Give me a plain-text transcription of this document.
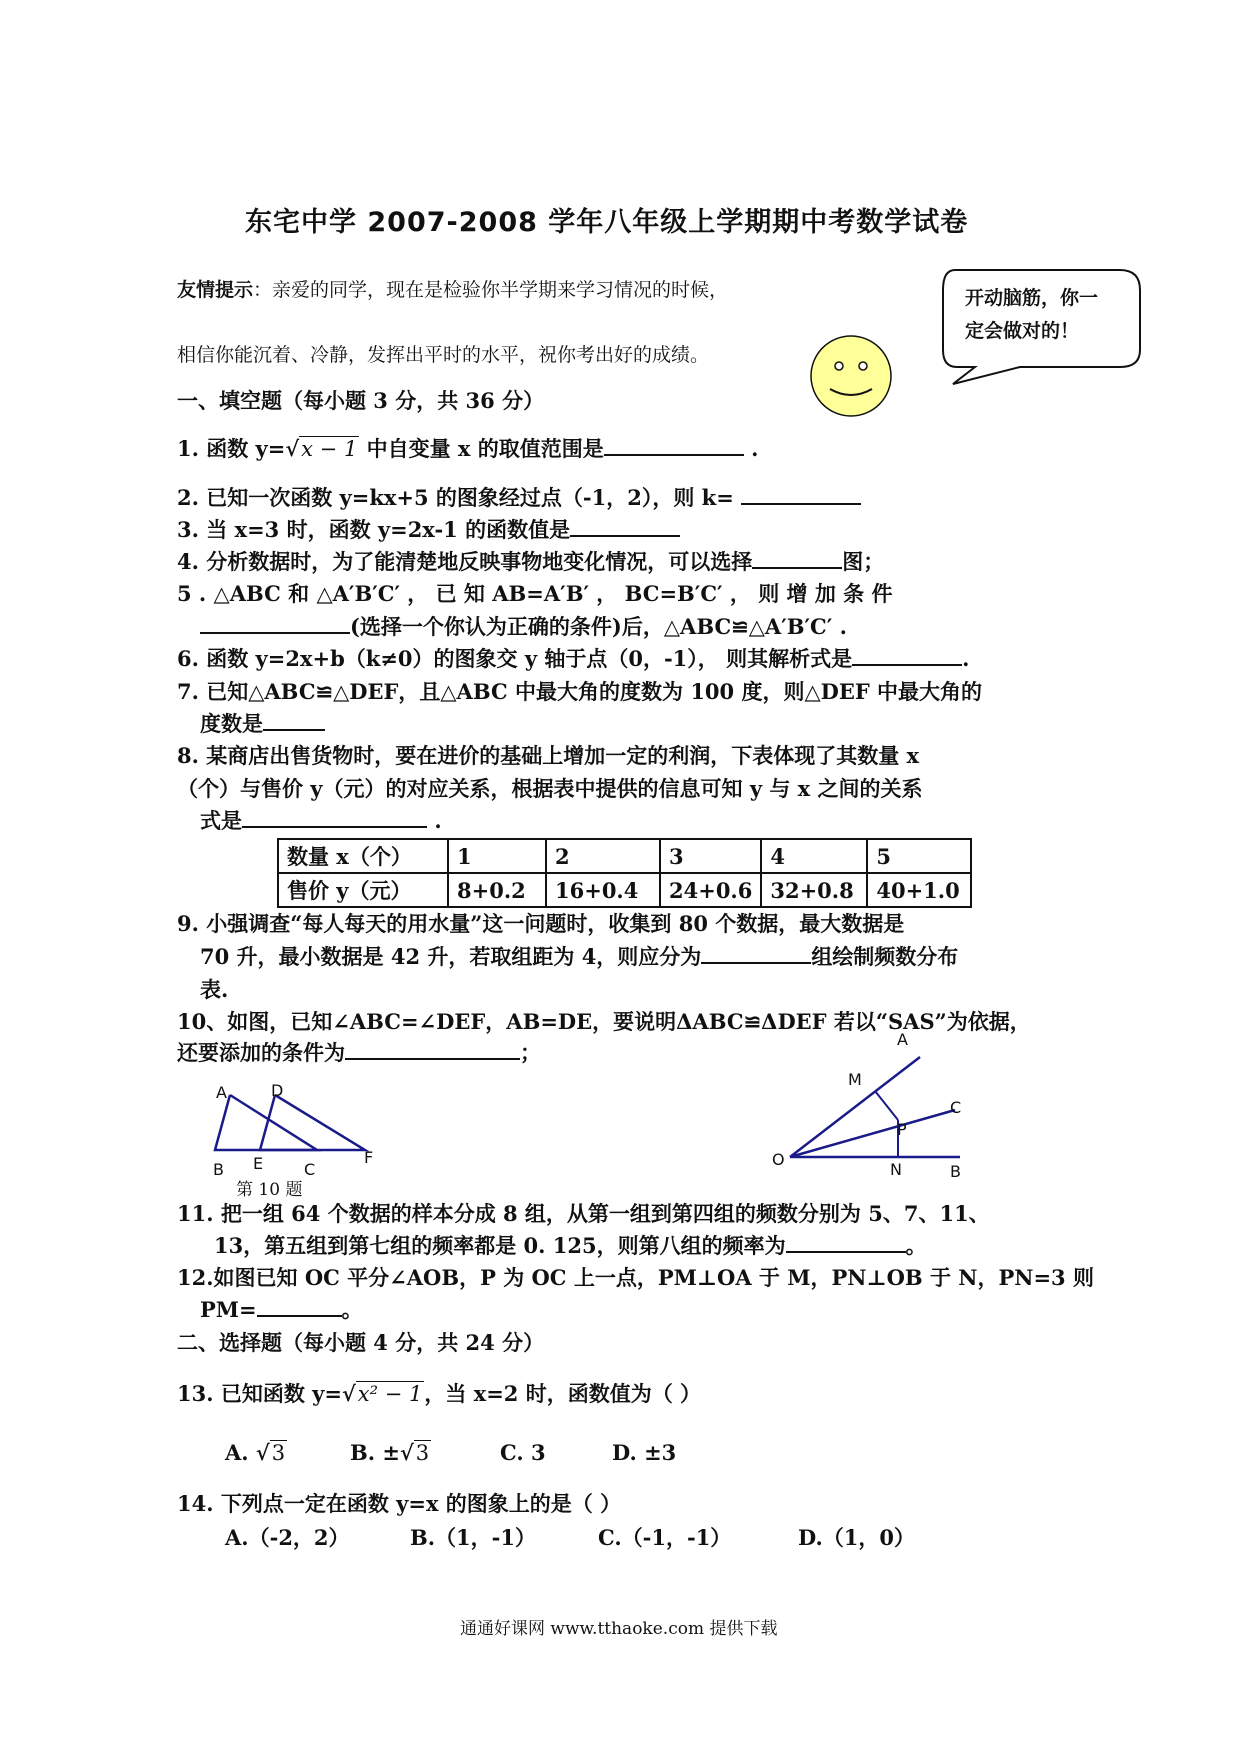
东宅中学 2007-2008 学年八年级上学期期中考数学试卷
友情提示：亲爱的同学，现在是检验你半学期来学习情况的时候，
相信你能沉着、冷静，发挥出平时的水平，祝你考出好的成绩。
开动脑筋，你一
定会做对的！
一、填空题（每小题 3 分，共 36 分）
1. 函数 y=√x − 1 中自变量 x 的取值范围是	.
2. 已知一次函数 y=kx+5 的图象经过点（-1，2），则 k=
3. 当 x=3 时，函数 y=2x-1 的函数值是
4. 分析数据时，为了能清楚地反映事物地变化情况，可以选择	图；
5 . △ABC 和 △A′B′C′ ， 已 知 AB=A′B′ ， BC=B′C′ ， 则 增 加 条 件
(选择一个你认为正确的条件)后，△ABC≌△A′B′C′ .
6. 函数 y=2x+b（k≠0）的图象交 y 轴于点（0，-1）， 则其解析式是	.
7. 已知△ABC≌△DEF，且△ABC 中最大角的度数为 100 度，则△DEF 中最大角的
度数是
8. 某商店出售货物时，要在进价的基础上增加一定的利润，下表体现了其数量 x
（个）与售价 y（元）的对应关系，根据表中提供的信息可知 y 与 x 之间的关系
式是	.
数量 x（个）	1	2	3	4	5
售价 y（元）	8+0.2	16+0.4	24+0.6	32+0.8	40+1.0
9. 小强调查“每人每天的用水量”这一问题时，收集到 80 个数据，最大数据是
70 升，最小数据是 42 升，若取组距为 4，则应分为	组绘制频数分布
表.
10、如图，已知∠ABC=∠DEF，AB=DE，要说明ΔABC≌ΔDEF 若以“SAS”为依据，
还要添加的条件为	；
A	D
B E	C
F
第 10 题
A
M
C
P
O
N	B
11. 把一组 64 个数据的样本分成 8 组，从第一组到第四组的频数分别为 5、7、11、
13，第五组到第七组的频率都是 0. 125，则第八组的频率为	。
12.如图已知 OC 平分∠AOB，P 为 OC 上一点，PM⊥OA 于 M，PN⊥OB 于 N，PN=3 则
PM=	。
二、选择题（每小题 4 分，共 24 分）
13. 已知函数 y=√x² − 1，当 x=2 时，函数值为（ ）
A. √3	B. ±√3	C. 3	D. ±3
14. 下列点一定在函数 y=x 的图象上的是（ ）
A.（-2，2）	B.（1，-1）	C.（-1，-1）	D.（1，0）
通通好课网 www.tthaoke.com 提供下载
